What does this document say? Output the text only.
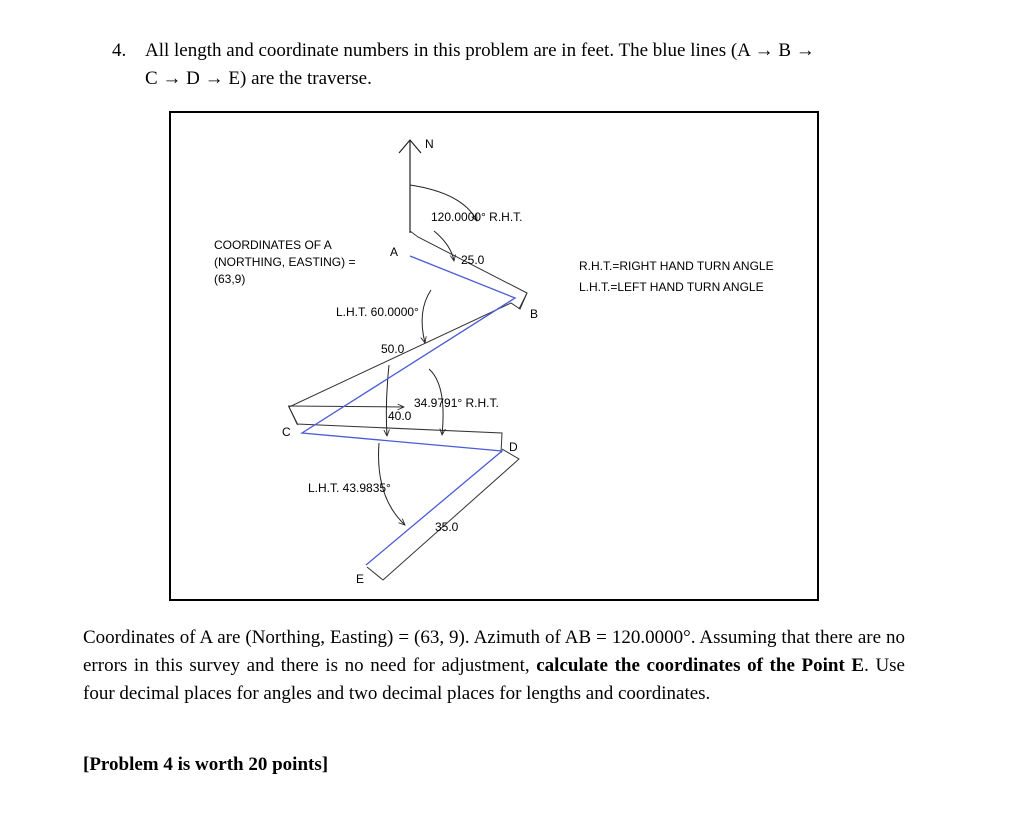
4. All length and coordinate numbers in this problem are in feet. The blue lines (A → B →
C → D → E) are the traverse.
N
A
B
C
D
E
25.0
50.0
40.0
35.0
120.0000° R.H.T.
L.H.T. 60.0000°
34.9791° R.H.T.
L.H.T. 43.9835°
COORDINATES OF A
(NORTHING, EASTING) =
(63,9)
R.H.T.=RIGHT HAND TURN ANGLE
L.H.T.=LEFT HAND TURN ANGLE
Coordinates of A are (Northing, Easting) = (63, 9). Azimuth of AB = 120.0000°. Assuming that there are no errors in this survey and there is no need for adjustment, calculate the coordinates of the Point E. Use four decimal places for angles and two decimal places for lengths and coordinates.
[Problem 4 is worth 20 points]
